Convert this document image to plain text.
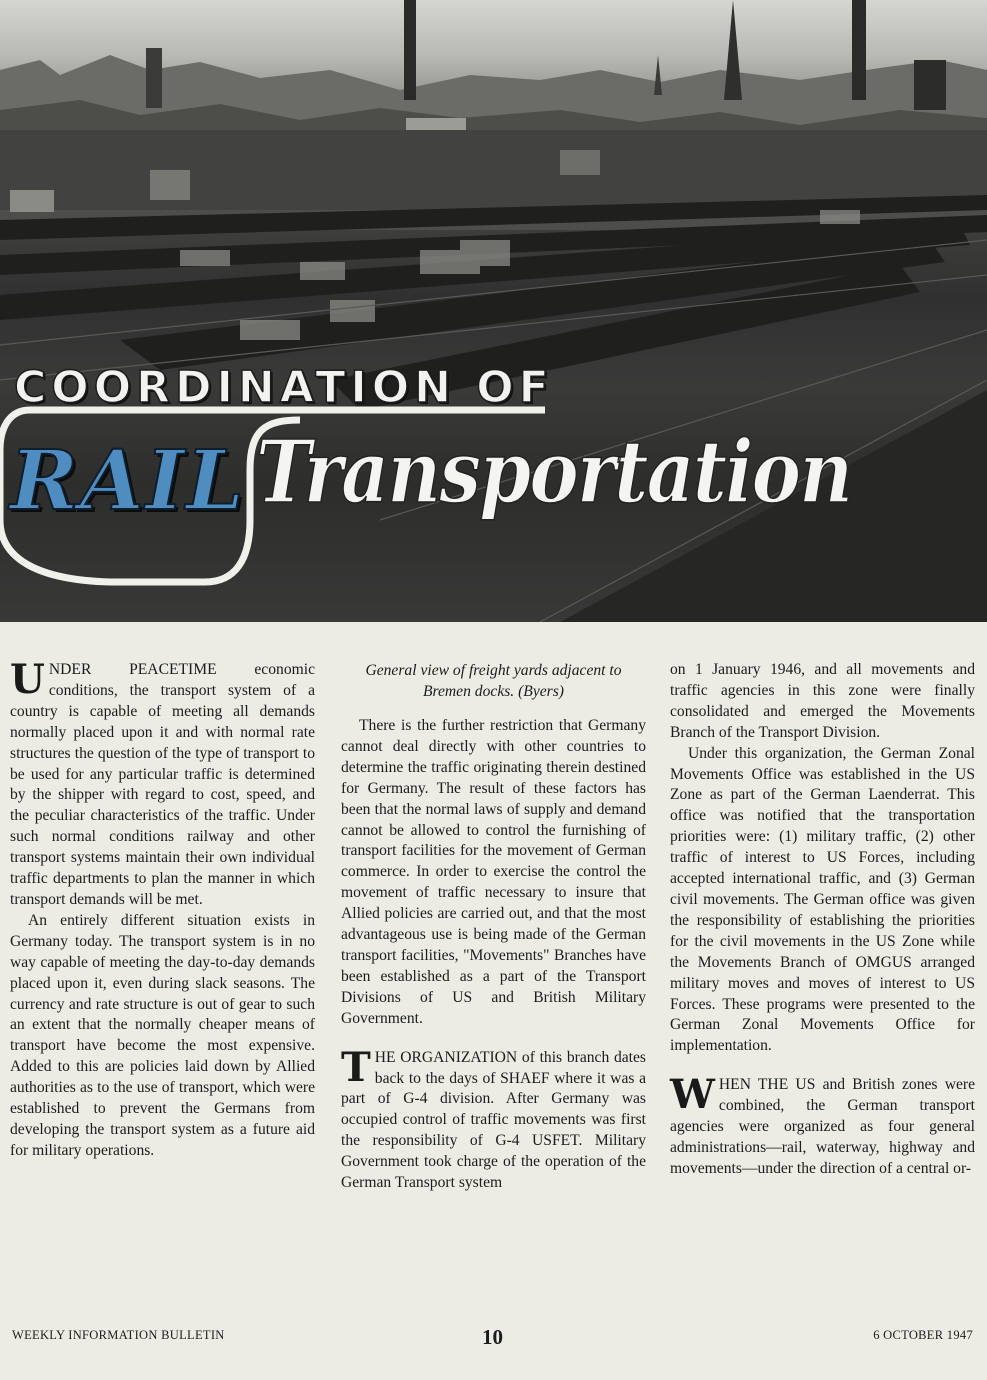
COORDINATION OF
RAIL Transportation

UNDER PEACETIME economic conditions, the transport system of a country is capable of meeting all demands normally placed upon it and with normal rate structures the question of the type of transport to be used for any particular traffic is determined by the shipper with regard to cost, speed, and the peculiar characteristics of the traffic. Under such normal conditions railway and other transport systems maintain their own individual traffic departments to plan the manner in which transport demands will be met.

An entirely different situation exists in Germany today. The transport system is in no way capable of meeting the day-to-day demands placed upon it, even during slack seasons. The currency and rate structure is out of gear to such an extent that the normally cheaper means of transport have become the most expensive. Added to this are policies laid down by Allied authorities as to the use of transport, which were established to prevent the Germans from developing the transport system as a future aid for military operations.

General view of freight yards adjacent to Bremen docks. (Byers)

There is the further restriction that Germany cannot deal directly with other countries to determine the traffic originating therein destined for Germany. The result of these factors has been that the normal laws of supply and demand cannot be allowed to control the furnishing of transport facilities for the movement of German commerce. In order to exercise the control the movement of traffic necessary to insure that Allied policies are carried out, and that the most advantageous use is being made of the German transport facilities, "Movements" Branches have been established as a part of the Transport Divisions of US and British Military Government.

THE ORGANIZATION of this branch dates back to the days of SHAEF where it was a part of G-4 division. After Germany was occupied control of traffic movements was first the responsibility of G-4 USFET. Military Government took charge of the operation of the German Transport system

on 1 January 1946, and all movements and traffic agencies in this zone were finally consolidated and emerged the Movements Branch of the Transport Division.

Under this organization, the German Zonal Movements Office was established in the US Zone as part of the German Laenderrat. This office was notified that the transportation priorities were: (1) military traffic, (2) other traffic of interest to US Forces, including accepted international traffic, and (3) German civil movements. The German office was given the responsibility of establishing the priorities for the civil movements in the US Zone while the Movements Branch of OMGUS arranged military moves and moves of interest to US Forces. These programs were presented to the German Zonal Movements Office for implementation.

WHEN THE US and British zones were combined, the German transport agencies were organized as four general administrations—rail, waterway, highway and movements—under the direction of a central or-

WEEKLY INFORMATION BULLETIN	10	6 OCTOBER 1947
